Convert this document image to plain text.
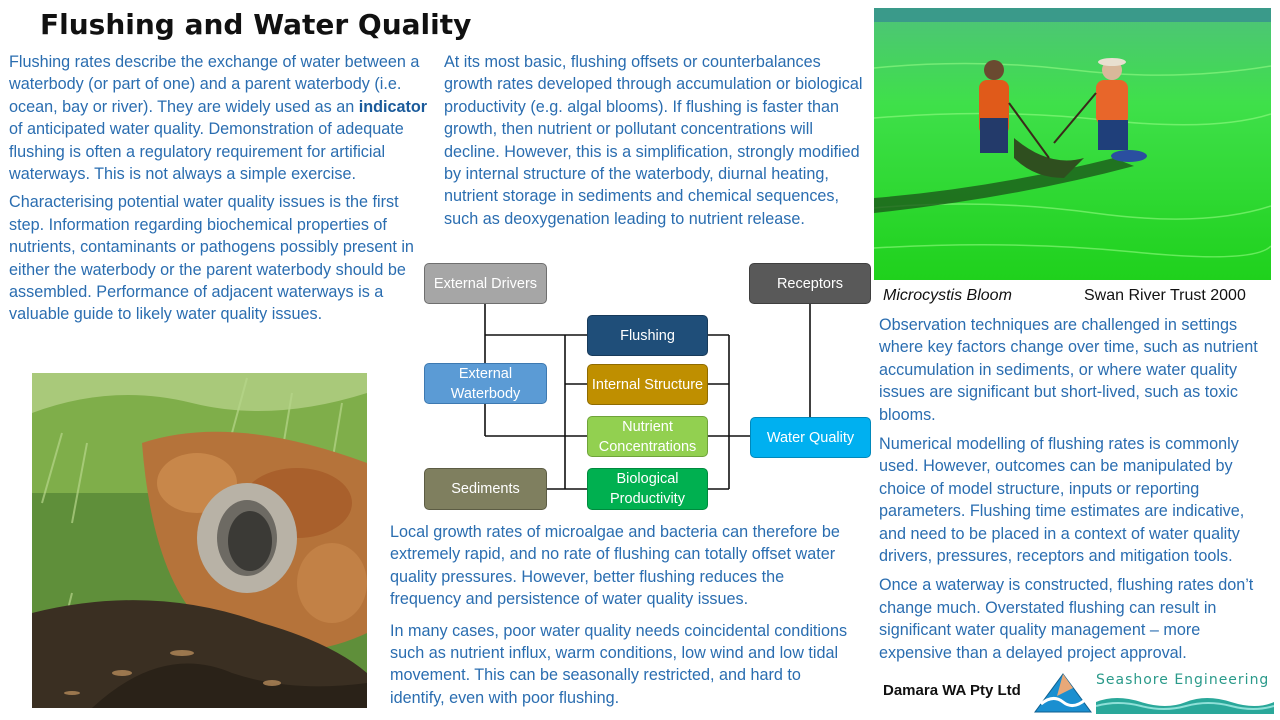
Flushing and Water Quality

Flushing rates describe the exchange of water between a waterbody (or part of one) and a parent waterbody (i.e. ocean, bay or river). They are widely used as an indicator of anticipated water quality. Demonstration of adequate flushing is often a regulatory requirement for artificial waterways. This is not always a simple exercise.

Characterising potential water quality issues is the first step. Information regarding biochemical properties of nutrients, contaminants or pathogens possibly present in either the waterbody or the parent waterbody should be assembled. Performance of adjacent waterways is a valuable guide to likely water quality issues.

At its most basic, flushing offsets or counterbalances growth rates developed through accumulation or biological productivity (e.g. algal blooms). If flushing is faster than growth, then nutrient or pollutant concentrations will decline. However, this is a simplification, strongly modified by internal structure of the waterbody, diurnal heating, nutrient storage in sediments and chemical sequences, such as deoxygenation leading to nutrient release.

External Drivers
External Waterbody
Sediments
Flushing
Internal Structure
Nutrient Concentrations
Biological Productivity
Receptors
Water Quality

Local growth rates of microalgae and bacteria can therefore be extremely rapid, and no rate of flushing can totally offset water quality pressures. However, better flushing reduces the frequency and persistence of water quality issues.

In many cases, poor water quality needs coincidental conditions such as nutrient influx, warm conditions, low wind and low tidal movement. This can be seasonally restricted, and hard to identify, even with poor flushing.

Microcystis Bloom	Swan River Trust 2000

Observation techniques are challenged in settings where key factors change over time, such as nutrient accumulation in sediments, or where water quality issues are significant but short-lived, such as toxic blooms.

Numerical modelling of flushing rates is commonly used. However, outcomes can be manipulated by choice of model structure, inputs or reporting parameters. Flushing time estimates are indicative, and need to be placed in a context of water quality drivers, pressures, receptors and mitigation tools.

Once a waterway is constructed, flushing rates don’t change much. Overstated flushing can result in significant water quality management – more expensive than a delayed project approval.

Damara WA Pty Ltd
Seashore Engineering
